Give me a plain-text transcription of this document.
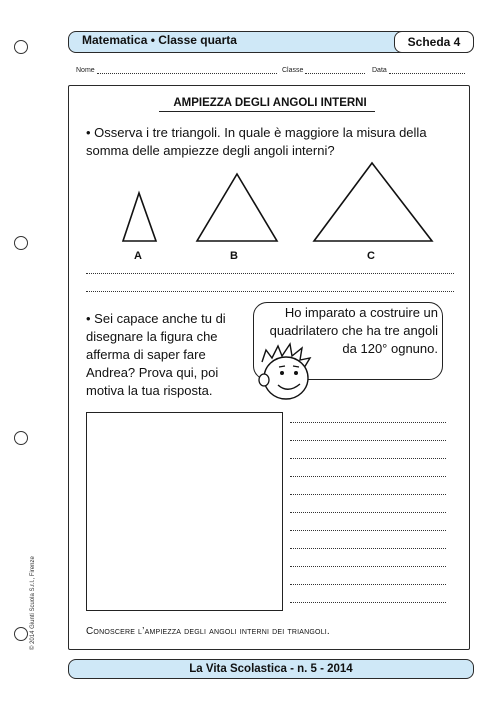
Matematica • Classe quarta	Scheda 4
Nome	Classe	Data
AMPIEZZA DEGLI ANGOLI INTERNI
• Osserva i tre triangoli. In quale è maggiore la misura della somma delle ampiezze degli angoli interni?
A	B	C
• Sei capace anche tu di disegnare la figura che afferma di saper fare Andrea? Prova qui, poi motiva la tua risposta.
Ho imparato a costruire un quadrilatero che ha tre angoli da 120° ognuno.
Conoscere l’ampiezza degli angoli interni dei triangoli.
La Vita Scolastica - n. 5 - 2014
© 2014 Giunti Scuola S.r.l., Firenze
